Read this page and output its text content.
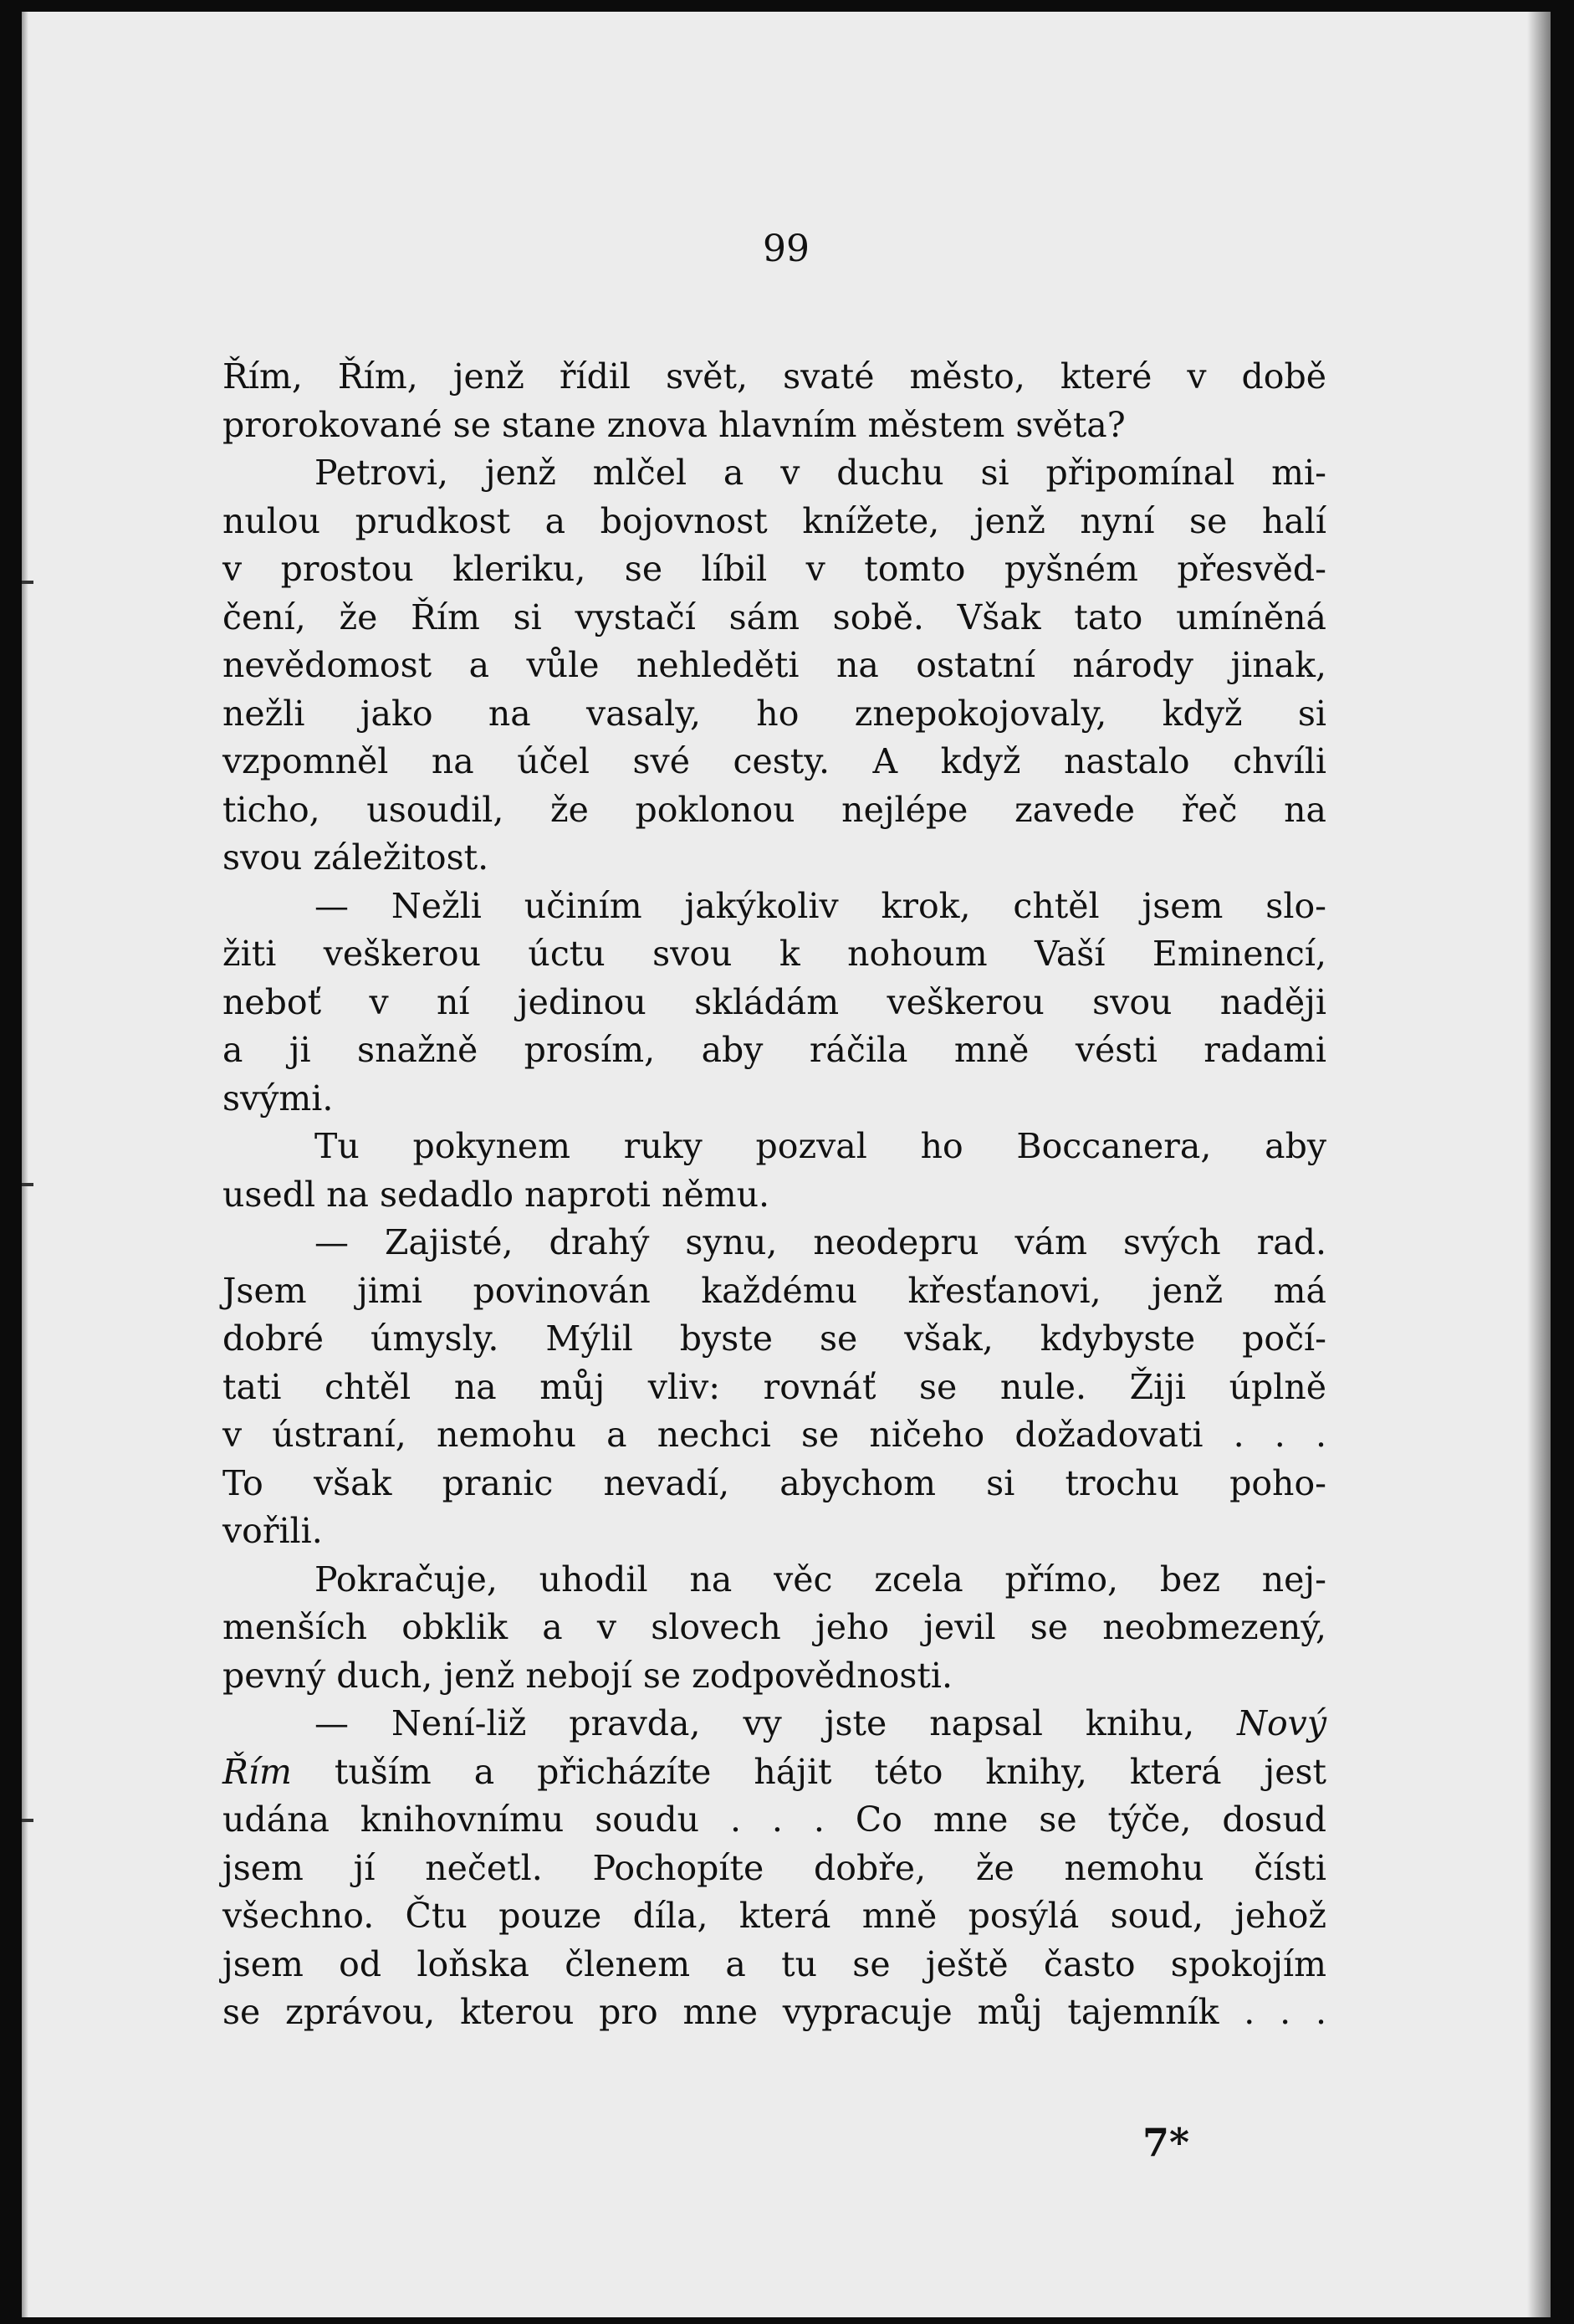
99
Řím, Řím, jenž řídil svět, svaté město, které v době
prorokované se stane znova hlavním městem světa?
Petrovi, jenž mlčel a v duchu si připomínal mi-
nulou prudkost a bojovnost knížete, jenž nyní se halí
v prostou kleriku, se líbil v tomto pyšném přesvěd-
čení, že Řím si vystačí sám sobě. Však tato umíněná
nevědomost a vůle nehleděti na ostatní národy jinak,
nežli jako na vasaly, ho znepokojovaly, když si
vzpomněl na účel své cesty. A když nastalo chvíli
ticho, usoudil, že poklonou nejlépe zavede řeč na
svou záležitost.
— Nežli učiním jakýkoliv krok, chtěl jsem slo-
žiti veškerou úctu svou k nohoum Vaší Eminencí,
neboť v ní jedinou skládám veškerou svou naději
a ji snažně prosím, aby ráčila mně vésti radami
svými.
Tu pokynem ruky pozval ho Boccanera, aby
usedl na sedadlo naproti němu.
— Zajisté, drahý synu, neodepru vám svých rad.
Jsem jimi povinován každému křesťanovi, jenž má
dobré úmysly. Mýlil byste se však, kdybyste počí-
tati chtěl na můj vliv: rovnáť se nule. Žiji úplně
v ústraní, nemohu a nechci se ničeho dožadovati . . .
To však pranic nevadí, abychom si trochu poho-
vořili.
Pokračuje, uhodil na věc zcela přímo, bez nej-
menších obklik a v slovech jeho jevil se neobmezený,
pevný duch, jenž nebojí se zodpovědnosti.
— Není-liž pravda, vy jste napsal knihu, Nový
Řím tuším a přicházíte hájit této knihy, která jest
udána knihovnímu soudu . . . Co mne se týče, dosud
jsem jí nečetl. Pochopíte dobře, že nemohu čísti
všechno. Čtu pouze díla, která mně posýlá soud, jehož
jsem od loňska členem a tu se ještě často spokojím
se zprávou, kterou pro mne vypracuje můj tajemník . . .
7*
